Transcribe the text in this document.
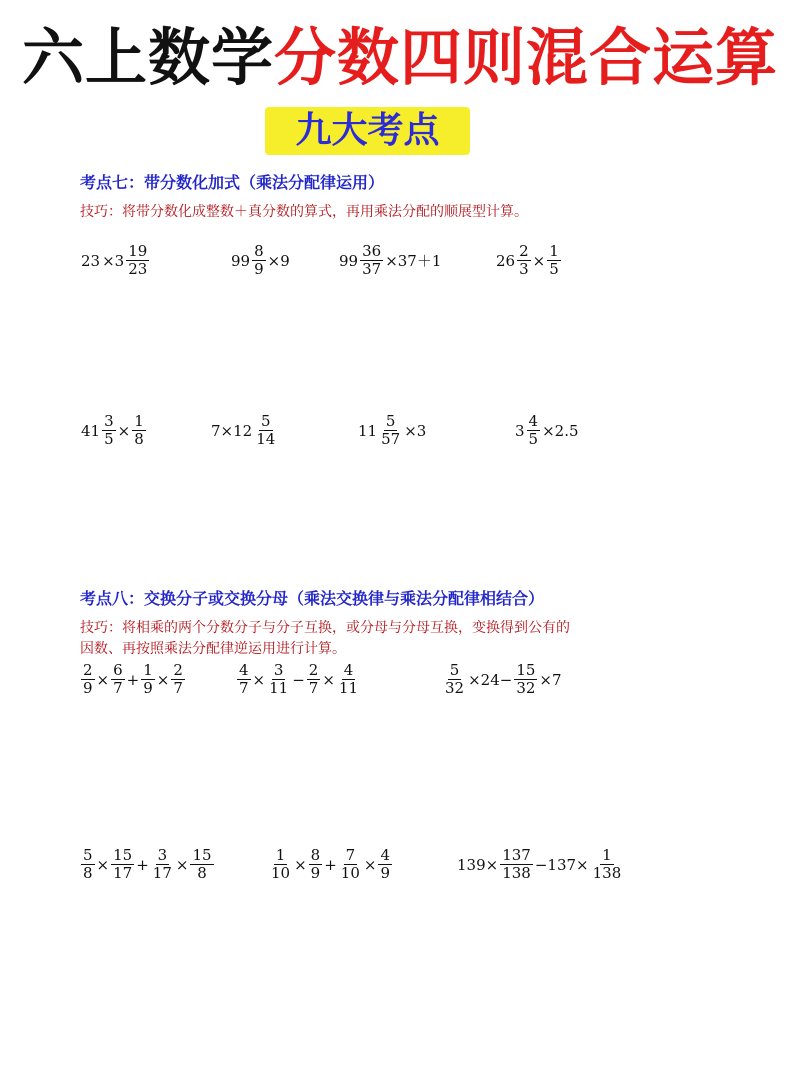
六上数学分数四则混合运算
九大考点
考点七：带分数化加式（乘法分配律运用）
技巧：将带分数化成整数＋真分数的算式，再用乘法分配的顺展型计算。
$23 \times 3 \frac{19}{23}$	$99 \frac{8}{9} \times 9$	$99 \frac{36}{37} \times 37+1$	$26 \frac{2}{3} \times \frac{1}{5}$
$41 \frac{3}{5} \times \frac{1}{8}$	$7\times 12 \frac{5}{14}$	$11 \frac{5}{57} \times 3$	$3 \frac{4}{5} \times 2.5$
考点八：交换分子或交换分母（乘法交换律与乘法分配律相结合）
技巧：将相乘的两个分数分子与分子互换，或分母与分母互换，变换得到公有的
因数、再按照乘法分配律逆运用进行计算。
$\frac{2}{9} \times \frac{6}{7} + \frac{1}{9} \times \frac{2}{7}$	$\frac{4}{7} \times \frac{3}{11} - \frac{2}{7} \times \frac{4}{11}$	$\frac{5}{32} \times 24- \frac{15}{32} \times 7$
$\frac{5}{8} \times \frac{15}{17} + \frac{3}{17} \times \frac{15}{8}$	$\frac{1}{10} \times \frac{8}{9} + \frac{7}{10} \times \frac{4}{9}$	$139\times \frac{137}{138} -137\times \frac{1}{138}$
